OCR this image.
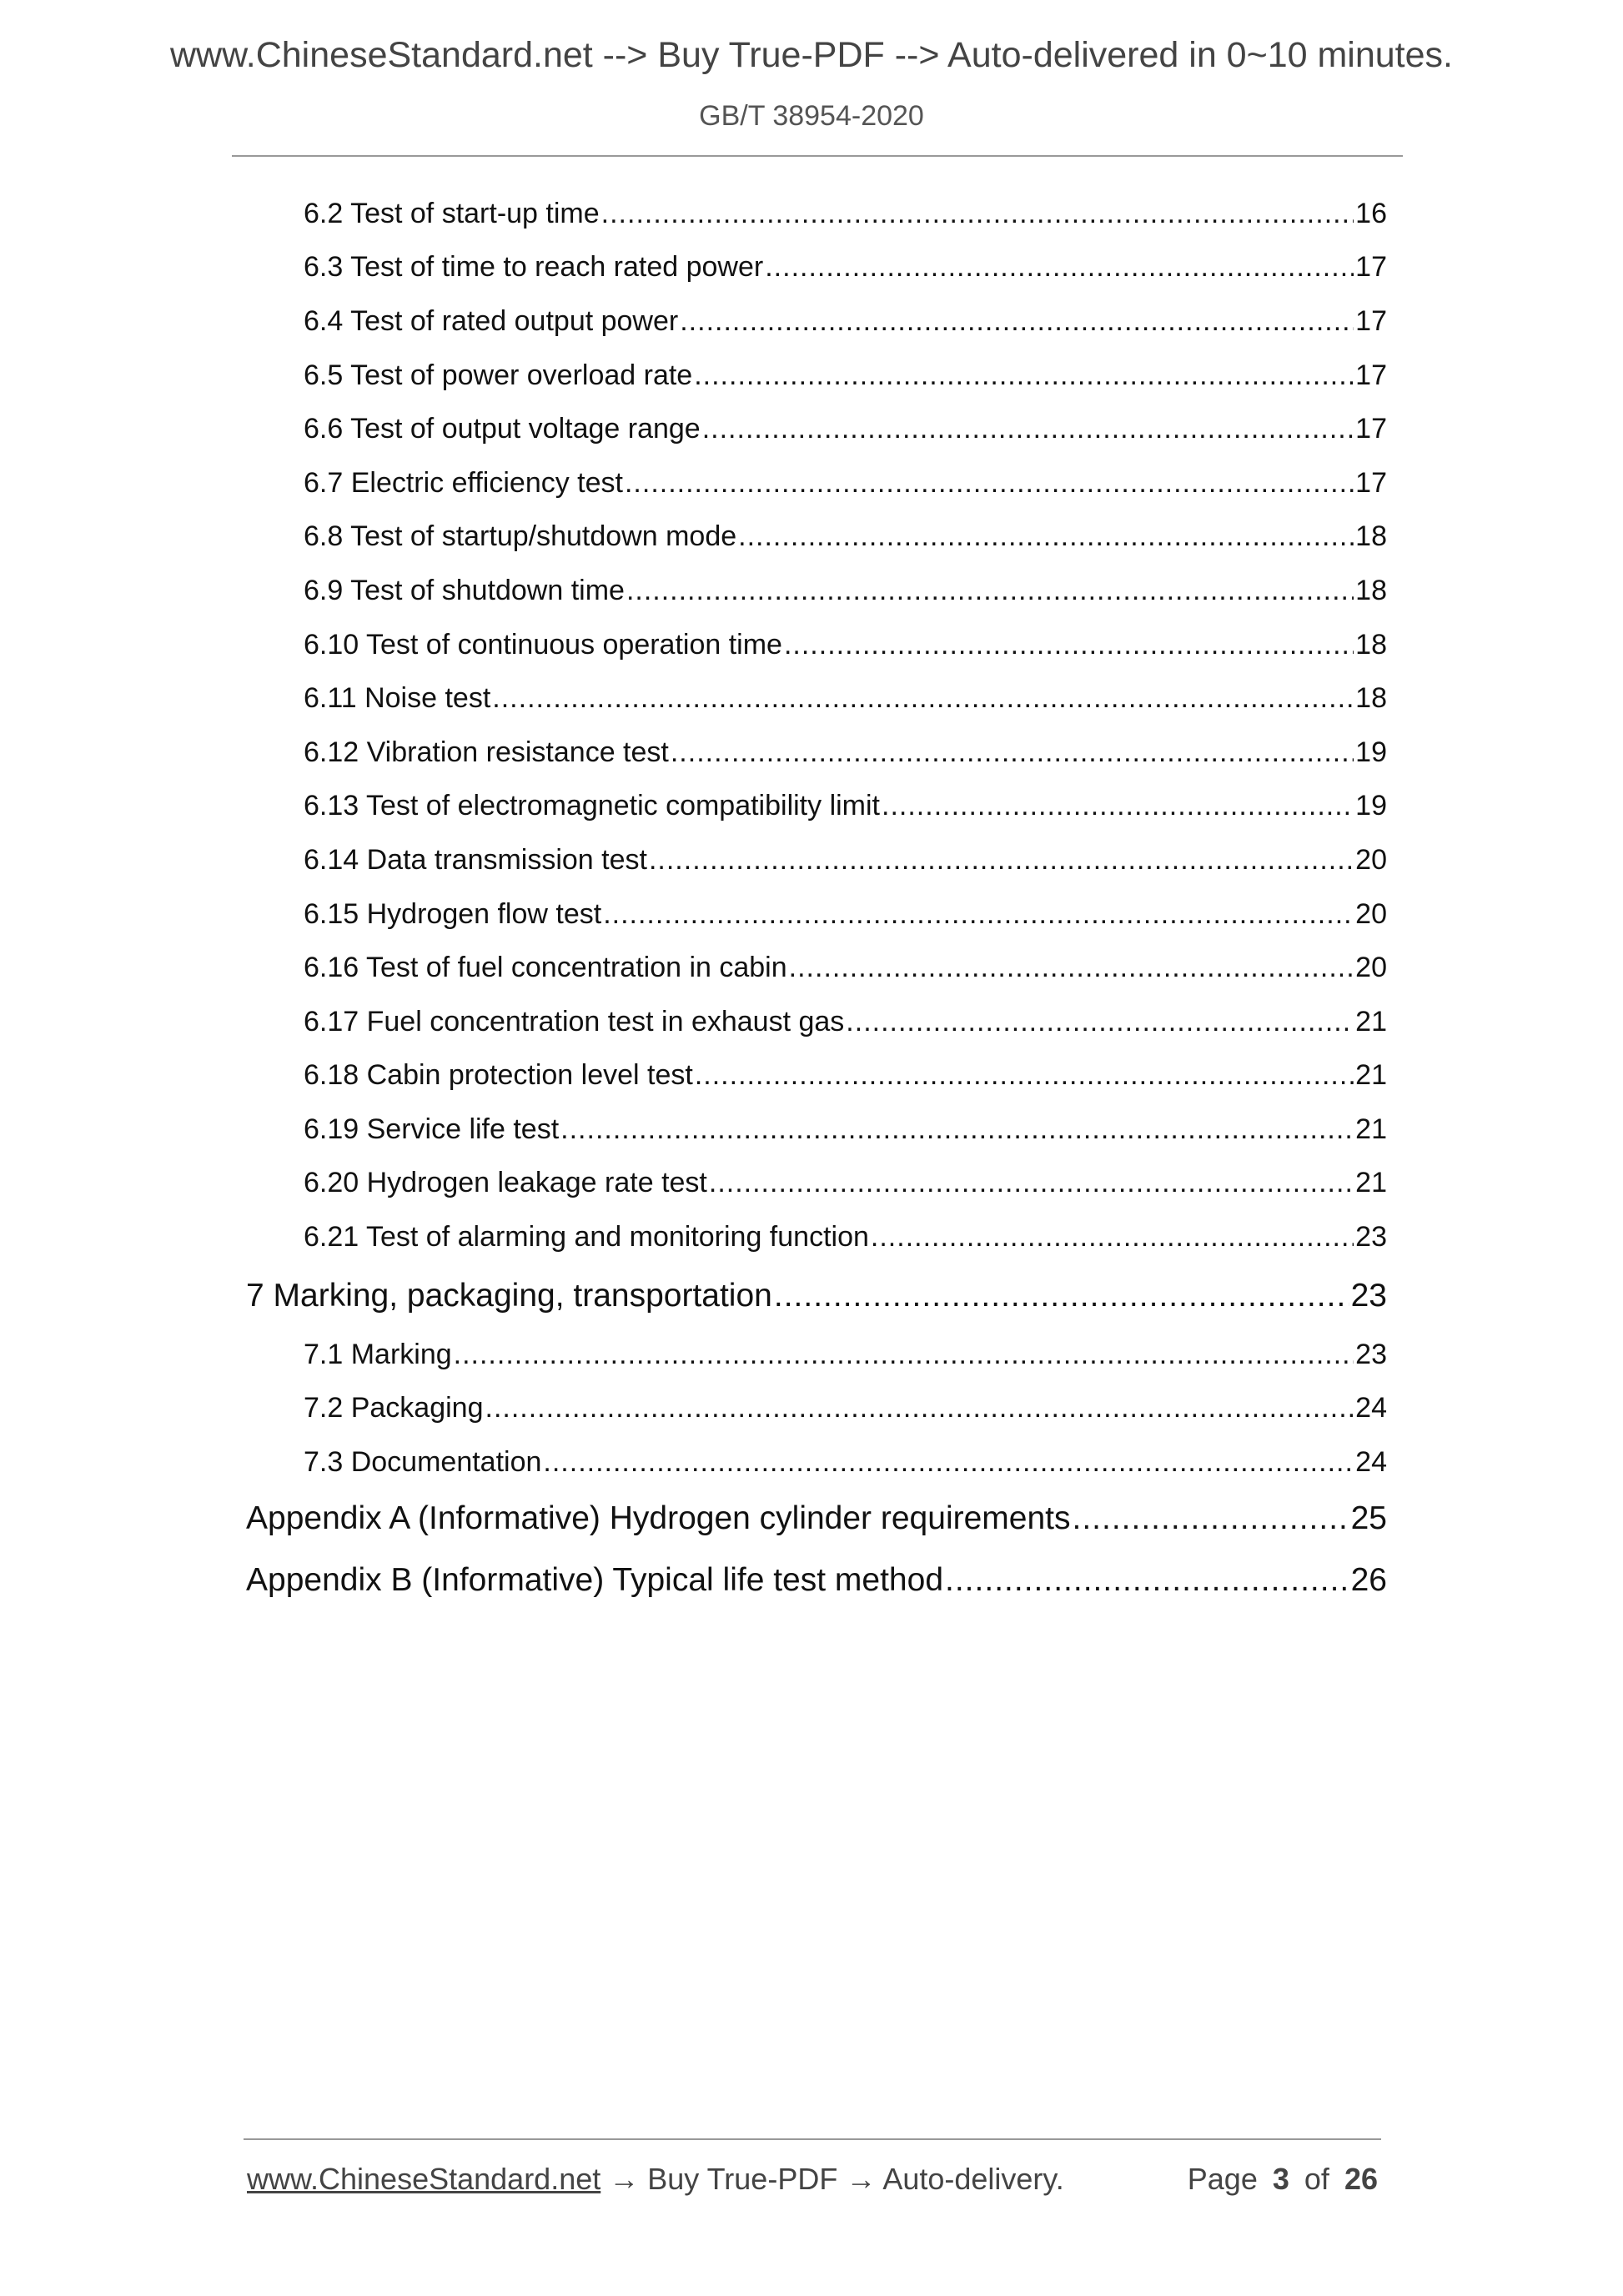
www.ChineseStandard.net --> Buy True-PDF --> Auto-delivered in 0~10 minutes.
GB/T 38954-2020
6.2 Test of start-up time .....	16
6.3 Test of time to reach rated power .....	17
6.4 Test of rated output power .....	17
6.5 Test of power overload rate .....	17
6.6 Test of output voltage range .....	17
6.7 Electric efficiency test .....	17
6.8 Test of startup/shutdown mode .....	18
6.9 Test of shutdown time .....	18
6.10 Test of continuous operation time .....	18
6.11 Noise test .....	18
6.12 Vibration resistance test .....	19
6.13 Test of electromagnetic compatibility limit .....	19
6.14 Data transmission test .....	20
6.15 Hydrogen flow test .....	20
6.16 Test of fuel concentration in cabin .....	20
6.17 Fuel concentration test in exhaust gas .....	21
6.18 Cabin protection level test .....	21
6.19 Service life test .....	21
6.20 Hydrogen leakage rate test .....	21
6.21 Test of alarming and monitoring function .....	23
7 Marking, packaging, transportation .....	23
7.1 Marking .....	23
7.2 Packaging .....	24
7.3 Documentation .....	24
Appendix A (Informative) Hydrogen cylinder requirements .....	25
Appendix B (Informative) Typical life test method .....	26
www.ChineseStandard.net → Buy True-PDF → Auto-delivery.	Page 3 of 26
